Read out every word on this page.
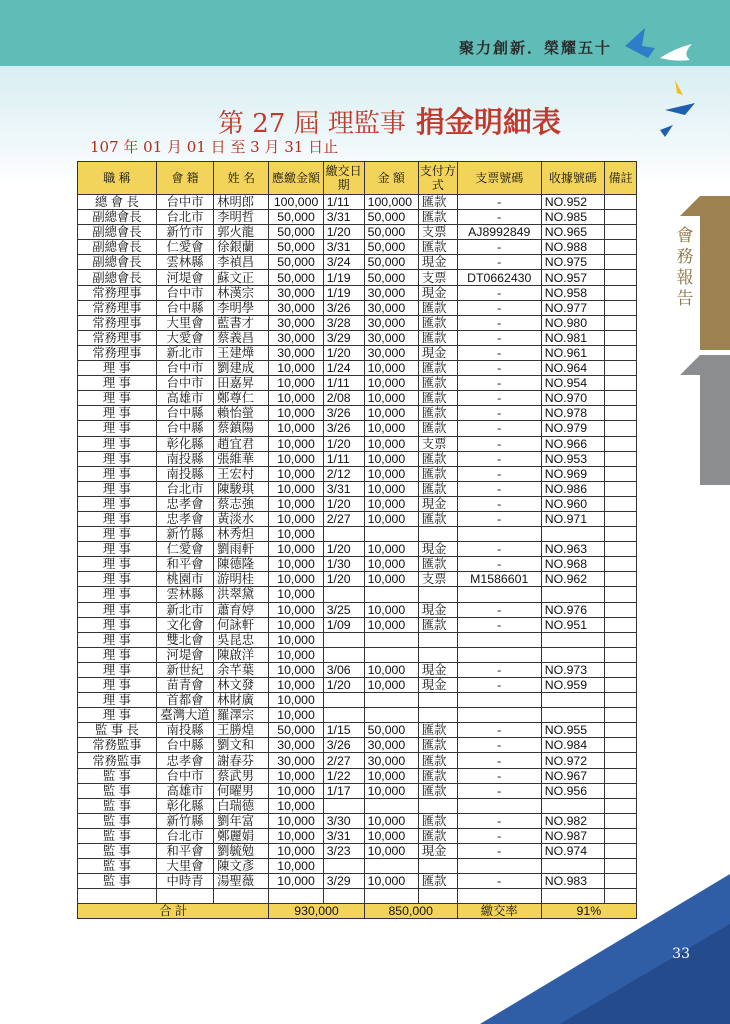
聚力創新．榮耀五十
會務報告
第 27 屆 理監事 捐金明細表
107 年 01 月 01 日 至 3 月 31 日止
職 稱	會 籍	姓 名	應繳金額	繳交日期	金 額	支付方式	支票號碼	收據號碼	備註
總 會 長	台中市	林明郎	100,000	1/11	100,000	匯款	-	NO.952	
副總會長	台北市	李明哲	50,000	3/31	50,000	匯款	-	NO.985	
副總會長	新竹市	郭火龍	50,000	1/20	50,000	支票	AJ8992849	NO.965	
副總會長	仁愛會	徐銀蘭	50,000	3/31	50,000	匯款	-	NO.988	
副總會長	雲林縣	李禎昌	50,000	3/24	50,000	現金	-	NO.975	
副總會長	河堤會	蘇文正	50,000	1/19	50,000	支票	DT0662430	NO.957	
常務理事	台中市	林漢宗	30,000	1/19	30,000	現金	-	NO.958	
常務理事	台中縣	李明學	30,000	3/26	30,000	匯款	-	NO.977	
常務理事	大里會	藍書才	30,000	3/28	30,000	匯款	-	NO.980	
常務理事	大愛會	蔡義昌	30,000	3/29	30,000	匯款	-	NO.981	
常務理事	新北市	王建燁	30,000	1/20	30,000	現金	-	NO.961	
理 事	台中市	劉建成	10,000	1/24	10,000	匯款	-	NO.964	
理 事	台中市	田嘉昇	10,000	1/11	10,000	匯款	-	NO.954	
理 事	高雄市	鄭尊仁	10,000	2/08	10,000	匯款	-	NO.970	
理 事	台中縣	賴怡螢	10,000	3/26	10,000	匯款	-	NO.978	
理 事	台中縣	蔡鎮陽	10,000	3/26	10,000	匯款	-	NO.979	
理 事	彰化縣	趙宜君	10,000	1/20	10,000	支票	-	NO.966	
理 事	南投縣	張維華	10,000	1/11	10,000	匯款	-	NO.953	
理 事	南投縣	王宏村	10,000	2/12	10,000	匯款	-	NO.969	
理 事	台北市	陳駿琪	10,000	3/31	10,000	匯款	-	NO.986	
理 事	忠孝會	蔡志強	10,000	1/20	10,000	現金	-	NO.960	
理 事	忠孝會	黃淡水	10,000	2/27	10,000	匯款	-	NO.971	
理 事	新竹縣	林秀炟	10,000						
理 事	仁愛會	劉雨軒	10,000	1/20	10,000	現金	-	NO.963	
理 事	和平會	陳德隆	10,000	1/30	10,000	匯款	-	NO.968	
理 事	桃園市	游明桂	10,000	1/20	10,000	支票	M1586601	NO.962	
理 事	雲林縣	洪翠黛	10,000						
理 事	新北市	蕭育婷	10,000	3/25	10,000	現金	-	NO.976	
理 事	文化會	何詠軒	10,000	1/09	10,000	匯款	-	NO.951	
理 事	雙北會	吳昆忠	10,000						
理 事	河堤會	陳啟洋	10,000						
理 事	新世紀	余芊葉	10,000	3/06	10,000	現金	-	NO.973	
理 事	苗青會	林文發	10,000	1/20	10,000	現金	-	NO.959	
理 事	首都會	林財廣	10,000						
理 事	臺灣大道	羅澤宗	10,000						
監 事 長	南投縣	王勝煌	50,000	1/15	50,000	匯款	-	NO.955	
常務監事	台中縣	劉文和	30,000	3/26	30,000	匯款	-	NO.984	
常務監事	忠孝會	謝春芬	30,000	2/27	30,000	匯款	-	NO.972	
監 事	台中市	蔡武男	10,000	1/22	10,000	匯款	-	NO.967	
監 事	高雄市	何曜男	10,000	1/17	10,000	匯款	-	NO.956	
監 事	彰化縣	白瑞德	10,000						
監 事	新竹縣	劉年富	10,000	3/30	10,000	匯款	-	NO.982	
監 事	台北市	鄭麗娟	10,000	3/31	10,000	匯款	-	NO.987	
監 事	和平會	劉毓勉	10,000	3/23	10,000	現金	-	NO.974	
監 事	大里會	陳文彥	10,000						
監 事	中時青	湯聖薇	10,000	3/29	10,000	匯款	-	NO.983	

合 計			930,000		850,000		繳交率	91%	
33
